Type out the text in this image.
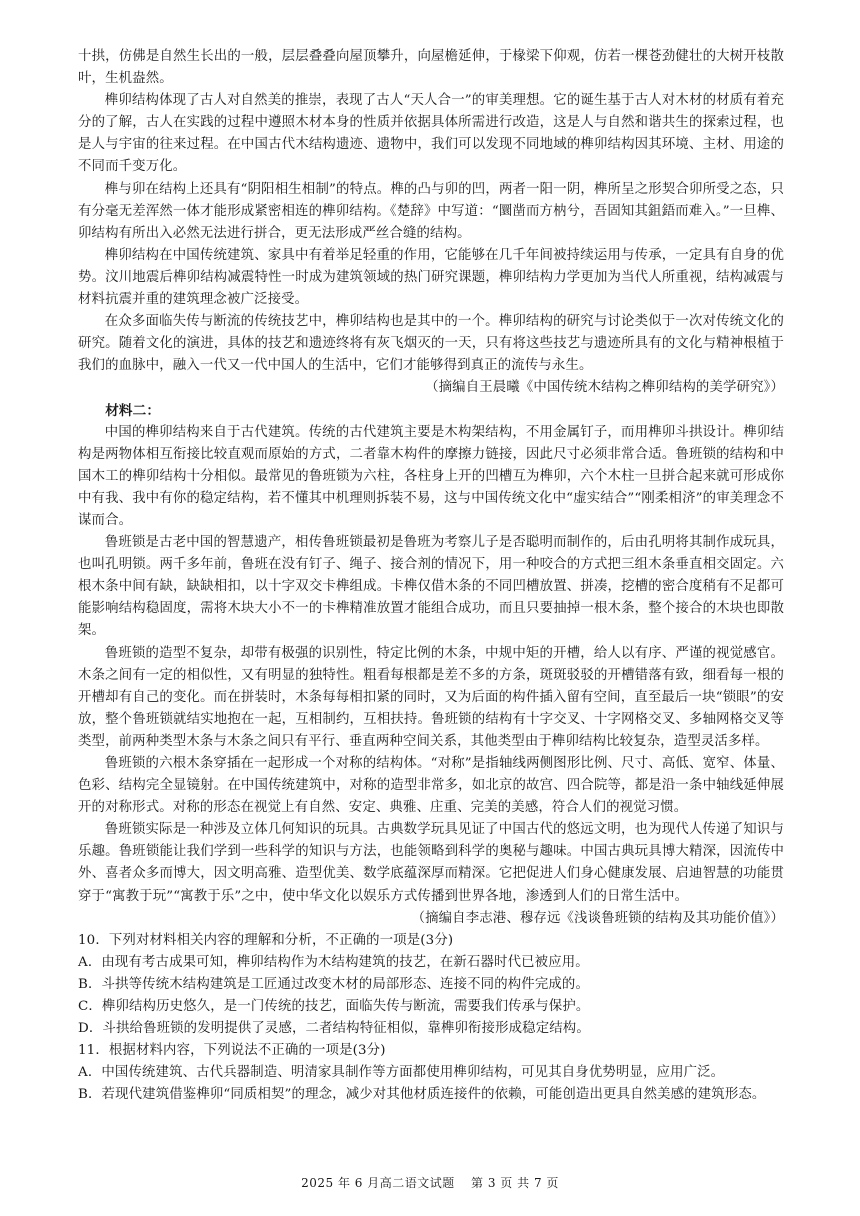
十拱，仿佛是自然生长出的一般，层层叠叠向屋顶攀升，向屋檐延伸，于椽梁下仰观，仿若一棵苍劲健壮的大树开枝散叶，生机盎然。

榫卯结构体现了古人对自然美的推崇，表现了古人“天人合一”的审美理想。它的诞生基于古人对木材的材质有着充分的了解，古人在实践的过程中遵照木材本身的性质并依据具体所需进行改造，这是人与自然和谐共生的探索过程，也是人与宇宙的往来过程。在中国古代木结构遗迹、遗物中，我们可以发现不同地域的榫卯结构因其环境、主材、用途的不同而千变万化。

榫与卯在结构上还具有“阴阳相生相制”的特点。榫的凸与卯的凹，两者一阳一阴，榫所呈之形契合卯所受之态，只有分毫无差浑然一体才能形成紧密相连的榫卯结构。《楚辞》中写道：“圜凿而方枘兮，吾固知其鉏鋙而难入。”一旦榫、卯结构有所出入必然无法进行拼合，更无法形成严丝合缝的结构。

榫卯结构在中国传统建筑、家具中有着举足轻重的作用，它能够在几千年间被持续运用与传承，一定具有自身的优势。汶川地震后榫卯结构减震特性一时成为建筑领域的热门研究课题，榫卯结构力学更加为当代人所重视，结构减震与材料抗震并重的建筑理念被广泛接受。

在众多面临失传与断流的传统技艺中，榫卯结构也是其中的一个。榫卯结构的研究与讨论类似于一次对传统文化的研究。随着文化的演进，具体的技艺和遗迹终将有灰飞烟灭的一天，只有将这些技艺与遗迹所具有的文化与精神根植于我们的血脉中，融入一代又一代中国人的生活中，它们才能够得到真正的流传与永生。

（摘编自王晨曦《中国传统木结构之榫卯结构的美学研究》）

材料二：

中国的榫卯结构来自于古代建筑。传统的古代建筑主要是木构架结构，不用金属钉子，而用榫卯斗拱设计。榫卯结构是两物体相互衔接比较直观而原始的方式，二者靠木构件的摩擦力链接，因此尺寸必须非常合适。鲁班锁的结构和中国木工的榫卯结构十分相似。最常见的鲁班锁为六柱，各柱身上开的凹槽互为榫卯，六个木柱一旦拼合起来就可形成你中有我、我中有你的稳定结构，若不懂其中机理则拆装不易，这与中国传统文化中“虚实结合”“刚柔相济”的审美理念不谋而合。

鲁班锁是古老中国的智慧遗产，相传鲁班锁最初是鲁班为考察儿子是否聪明而制作的，后由孔明将其制作成玩具，也叫孔明锁。两千多年前，鲁班在没有钉子、绳子、接合剂的情况下，用一种咬合的方式把三组木条垂直相交固定。六根木条中间有缺，缺缺相扣，以十字双交卡榫组成。卡榫仅借木条的不同凹槽放置、拼凑，挖槽的密合度稍有不足都可能影响结构稳固度，需将木块大小不一的卡榫精准放置才能组合成功，而且只要抽掉一根木条，整个接合的木块也即散架。

鲁班锁的造型不复杂，却带有极强的识别性，特定比例的木条，中规中矩的开槽，给人以有序、严谨的视觉感官。木条之间有一定的相似性，又有明显的独特性。粗看每根都是差不多的方条，斑斑驳驳的开槽错落有致，细看每一根的开槽却有自己的变化。而在拼装时，木条每每相扣紧的同时，又为后面的构件插入留有空间，直至最后一块“锁眼”的安放，整个鲁班锁就结实地抱在一起，互相制约，互相扶持。鲁班锁的结构有十字交叉、十字网格交叉、多轴网格交叉等类型，前两种类型木条与木条之间只有平行、垂直两种空间关系，其他类型由于榫卯结构比较复杂，造型灵活多样。

鲁班锁的六根木条穿插在一起形成一个对称的结构体。“对称”是指轴线两侧图形比例、尺寸、高低、宽窄、体量、色彩、结构完全显镜射。在中国传统建筑中，对称的造型非常多，如北京的故宫、四合院等，都是沿一条中轴线延伸展开的对称形式。对称的形态在视觉上有自然、安定、典雅、庄重、完美的美感，符合人们的视觉习惯。

鲁班锁实际是一种涉及立体几何知识的玩具。古典数学玩具见证了中国古代的悠远文明，也为现代人传递了知识与乐趣。鲁班锁能让我们学到一些科学的知识与方法，也能领略到科学的奥秘与趣味。中国古典玩具博大精深，因流传中外、喜者众多而博大，因文明高雅、造型优美、数学底蕴深厚而精深。它把促进人们身心健康发展、启迪智慧的功能贯穿于“寓教于玩”“寓教于乐”之中，使中华文化以娱乐方式传播到世界各地，渗透到人们的日常生活中。

（摘编自李志港、穆存远《浅谈鲁班锁的结构及其功能价值》）

10．下列对材料相关内容的理解和分析，不正确的一项是(3分)

A．由现有考古成果可知，榫卯结构作为木结构建筑的技艺，在新石器时代已被应用。

B．斗拱等传统木结构建筑是工匠通过改变木材的局部形态、连接不同的构件完成的。

C．榫卯结构历史悠久，是一门传统的技艺，面临失传与断流，需要我们传承与保护。

D．斗拱给鲁班锁的发明提供了灵感，二者结构特征相似，靠榫卯衔接形成稳定结构。

11．根据材料内容，下列说法不正确的一项是(3分)

A．中国传统建筑、古代兵器制造、明清家具制作等方面都使用榫卯结构，可见其自身优势明显，应用广泛。

B．若现代建筑借鉴榫卯“同质相契”的理念，减少对其他材质连接件的依赖，可能创造出更具自然美感的建筑形态。

2025 年 6 月高二语文试题 第 3 页 共 7 页
